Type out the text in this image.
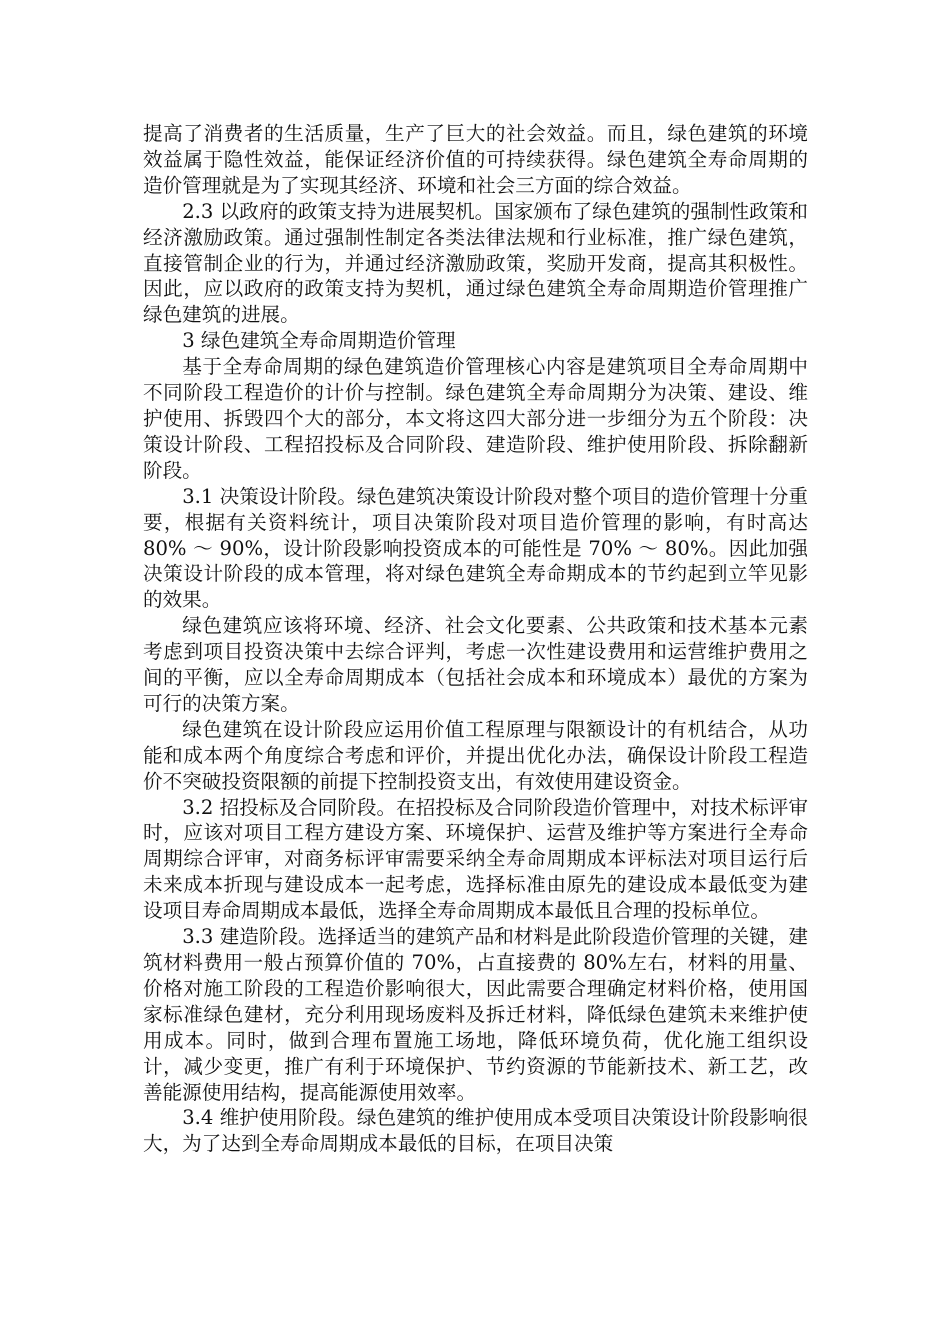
提高了消费者的生活质量，生产了巨大的社会效益。而且，绿色建筑的环境效益属于隐性效益，能保证经济价值的可持续获得。绿色建筑全寿命周期的造价管理就是为了实现其经济、环境和社会三方面的综合效益。

2.3 以政府的政策支持为进展契机。国家颁布了绿色建筑的强制性政策和经济激励政策。通过强制性制定各类法律法规和行业标准，推广绿色建筑，直接管制企业的行为，并通过经济激励政策，奖励开发商，提高其积极性。因此，应以政府的政策支持为契机，通过绿色建筑全寿命周期造价管理推广绿色建筑的进展。

3 绿色建筑全寿命周期造价管理

基于全寿命周期的绿色建筑造价管理核心内容是建筑项目全寿命周期中不同阶段工程造价的计价与控制。绿色建筑全寿命周期分为决策、建设、维护使用、拆毁四个大的部分，本文将这四大部分进一步细分为五个阶段：决策设计阶段、工程招投标及合同阶段、建造阶段、维护使用阶段、拆除翻新阶段。

3.1 决策设计阶段。绿色建筑决策设计阶段对整个项目的造价管理十分重要，根据有关资料统计，项目决策阶段对项目造价管理的影响，有时高达 80% ～ 90%，设计阶段影响投资成本的可能性是 70% ～ 80%。因此加强决策设计阶段的成本管理，将对绿色建筑全寿命期成本的节约起到立竿见影的效果。

绿色建筑应该将环境、经济、社会文化要素、公共政策和技术基本元素考虑到项目投资决策中去综合评判，考虑一次性建设费用和运营维护费用之间的平衡，应以全寿命周期成本（包括社会成本和环境成本）最优的方案为可行的决策方案。

绿色建筑在设计阶段应运用价值工程原理与限额设计的有机结合，从功能和成本两个角度综合考虑和评价，并提出优化办法，确保设计阶段工程造价不突破投资限额的前提下控制投资支出，有效使用建设资金。

3.2 招投标及合同阶段。在招投标及合同阶段造价管理中，对技术标评审时，应该对项目工程方建设方案、环境保护、运营及维护等方案进行全寿命周期综合评审，对商务标评审需要采纳全寿命周期成本评标法对项目运行后未来成本折现与建设成本一起考虑，选择标准由原先的建设成本最低变为建设项目寿命周期成本最低，选择全寿命周期成本最低且合理的投标单位。

3.3 建造阶段。选择适当的建筑产品和材料是此阶段造价管理的关键，建筑材料费用一般占预算价值的 70%，占直接费的 80%左右，材料的用量、价格对施工阶段的工程造价影响很大，因此需要合理确定材料价格，使用国家标准绿色建材，充分利用现场废料及拆迁材料，降低绿色建筑未来维护使用成本。同时，做到合理布置施工场地，降低环境负荷，优化施工组织设计，减少变更，推广有利于环境保护、节约资源的节能新技术、新工艺，改善能源使用结构，提高能源使用效率。

3.4 维护使用阶段。绿色建筑的维护使用成本受项目决策设计阶段影响很大，为了达到全寿命周期成本最低的目标，在项目决策
